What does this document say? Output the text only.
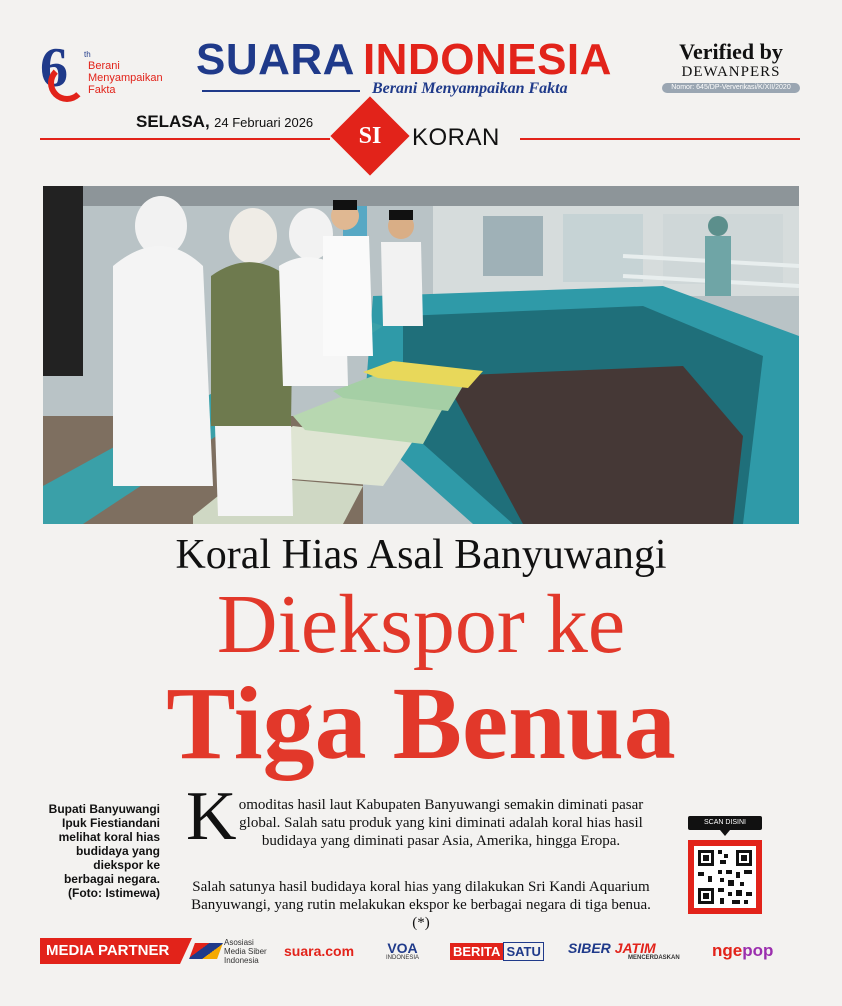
6 th
Berani Menyampaikan Fakta
SUARA INDONESIA
Berani Menyampaikan Fakta
Verified by
DEWANPERS
Nomor: 645/DP-Ververikasi/K/XII/2020
SELASA, 24 Februari 2026	SI	KORAN
Koral Hias Asal Banyuwangi
Diekspor ke
Tiga Benua
Bupati Banyuwangi Ipuk Fiestiandani melihat koral hias budidaya yang diekspor ke berbagai negara. (Foto: Istimewa)
K omoditas hasil laut Kabupaten Banyuwangi semakin diminati pasar global. Salah satu produk yang kini diminati adalah koral hias hasil budidaya yang diminati pasar Asia, Amerika, hingga Eropa.

Salah satunya hasil budidaya koral hias yang dilakukan Sri Kandi Aquarium Banyuwangi, yang rutin melakukan ekspor ke berbagai negara di tiga benua. (*)

SCAN DISINI
MEDIA PARTNER	Asosiasi
Media Siber
Indonesia
suara.com VOA
INDONESIA	BERITA SATU SIBER JATIM
MENCERDASKAN nge pop
